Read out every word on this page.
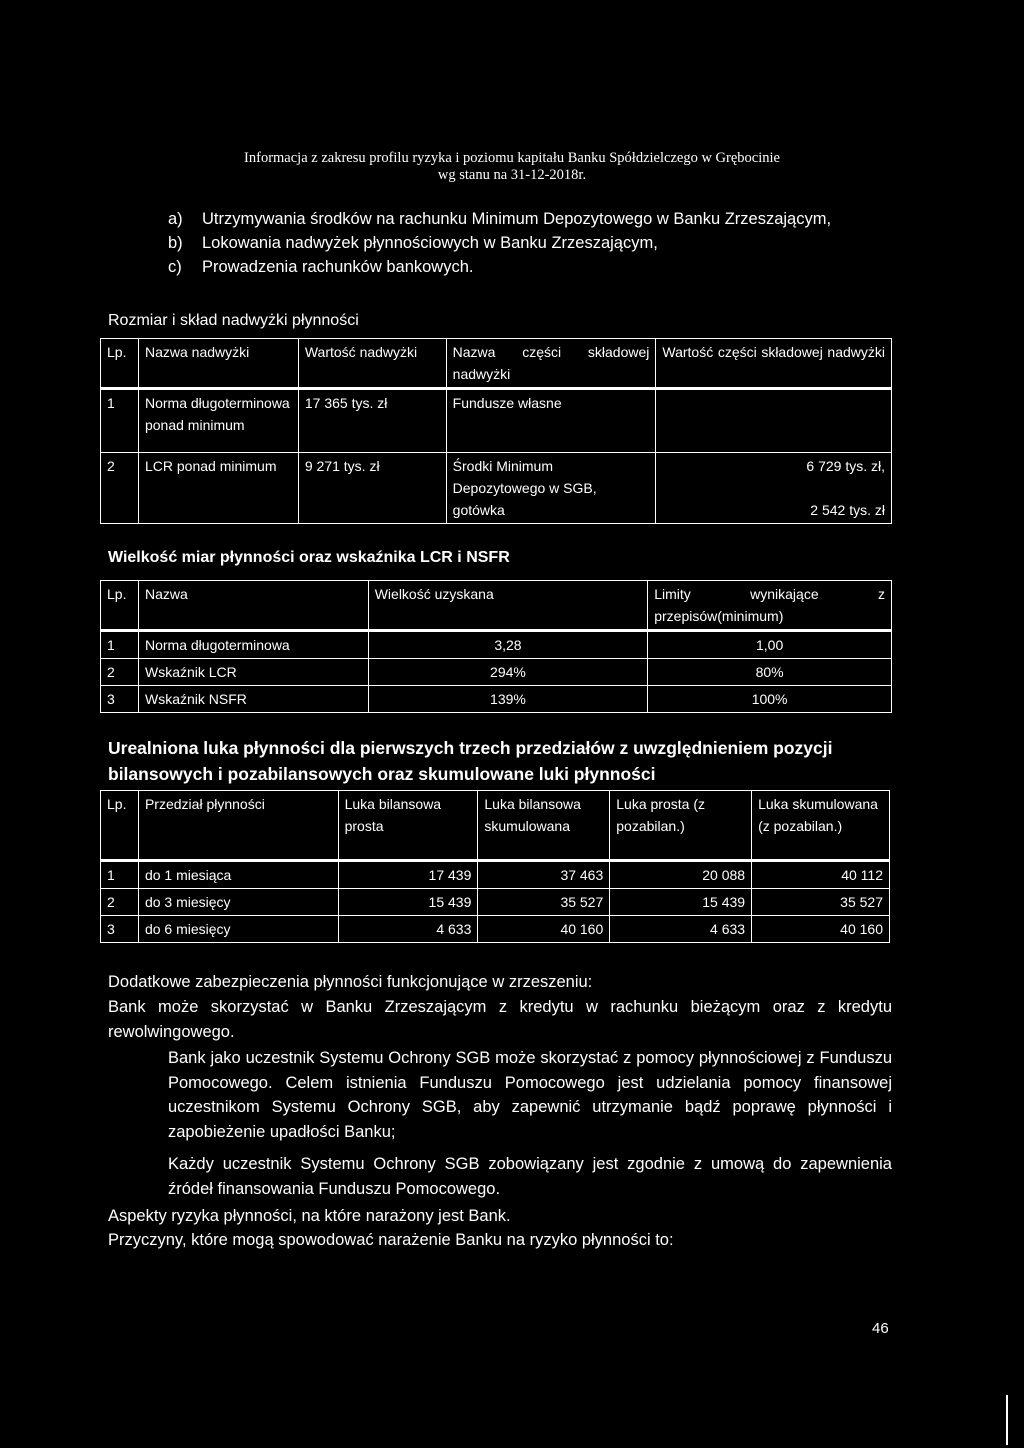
Informacja z zakresu profilu ryzyka i poziomu kapitału Banku Spółdzielczego w Grębocinie
wg stanu na 31-12-2018r.
a) Utrzymywania środków na rachunku Minimum Depozytowego w Banku Zrzeszającym,
b) Lokowania nadwyżek płynnościowych w Banku Zrzeszającym,
c) Prowadzenia rachunków bankowych.
Rozmiar i skład nadwyżki płynności
Lp.	Nazwa nadwyżki	Wartość nadwyżki	Nazwa części składowej nadwyżki	Wartość części składowej nadwyżki
1	Norma długoterminowa ponad minimum	17 365 tys. zł	Fundusze własne	
2	LCR ponad minimum	9 271 tys. zł	Środki Minimum Depozytowego w SGB, gotówka	6 729 tys. zł,
2 542 tys. zł
Wielkość miar płynności oraz wskaźnika LCR i NSFR
Lp.	Nazwa	Wielkość uzyskana	Limity wynikające z przepisów(minimum)
1	Norma długoterminowa	3,28	1,00
2	Wskaźnik LCR	294%	80%
3	Wskaźnik NSFR	139%	100%
Urealniona luka płynności dla pierwszych trzech przedziałów z uwzględnieniem pozycji bilansowych i pozabilansowych oraz skumulowane luki płynności
Lp.	Przedział płynności	Luka bilansowa prosta	Luka bilansowa skumulowana	Luka prosta (z pozabilan.)	Luka skumulowana (z pozabilan.)
1	do 1 miesiąca	17 439	37 463	20 088	40 112
2	do 3 miesięcy	15 439	35 527	15 439	35 527
3	do 6 miesięcy	4 633	40 160	4 633	40 160
Dodatkowe zabezpieczenia płynności funkcjonujące w zrzeszeniu:
Bank może skorzystać w Banku Zrzeszającym z kredytu w rachunku bieżącym oraz z kredytu rewolwingowego.
Bank jako uczestnik Systemu Ochrony SGB może skorzystać z pomocy płynnościowej z Funduszu Pomocowego. Celem istnienia Funduszu Pomocowego jest udzielania pomocy finansowej uczestnikom Systemu Ochrony SGB, aby zapewnić utrzymanie bądź poprawę płynności i zapobieżenie upadłości Banku;
Każdy uczestnik Systemu Ochrony SGB zobowiązany jest zgodnie z umową do zapewnienia źródeł finansowania Funduszu Pomocowego.
Aspekty ryzyka płynności, na które narażony jest Bank.
Przyczyny, które mogą spowodować narażenie Banku na ryzyko płynności to:
46
